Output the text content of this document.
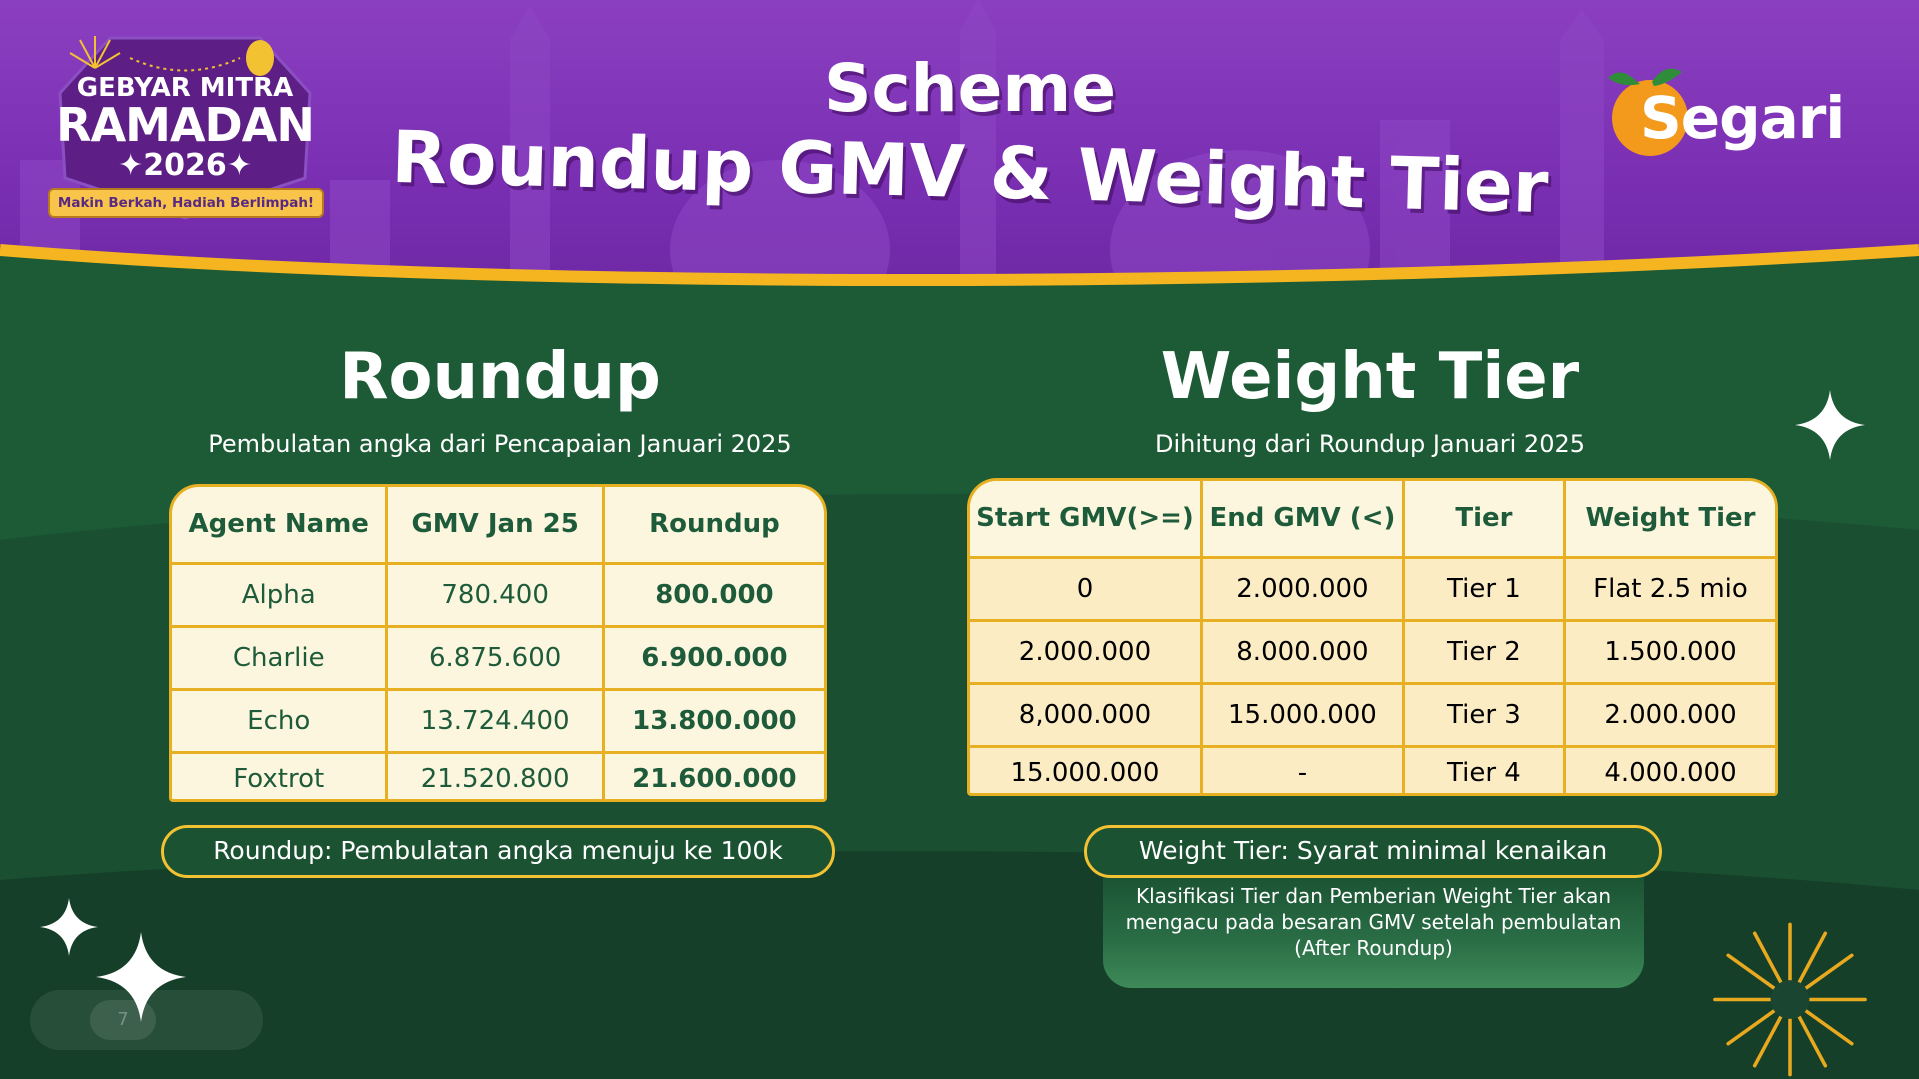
GEBYAR MITRA
RAMADAN
✦2026✦
Makin Berkah, Hadiah Berlimpah!
Scheme
Roundup GMV & Weight Tier	Segari
Roundup
Pembulatan angka dari Pencapaian Januari 2025
Agent Name	GMV Jan 25	Roundup
Alpha	780.400	800.000
Charlie	6.875.600	6.900.000
Echo	13.724.400	13.800.000
Foxtrot	21.520.800	21.600.000
Roundup: Pembulatan angka menuju ke 100k
Weight Tier
Dihitung dari Roundup Januari 2025
Start GMV(>=)	End GMV (<)	Tier	Weight Tier
0	2.000.000	Tier 1	Flat 2.5 mio
2.000.000	8.000.000	Tier 2	1.500.000
8,000.000	15.000.000	Tier 3	2.000.000
15.000.000	-	Tier 4	4.000.000
Klasifikasi Tier dan Pemberian Weight Tier akan mengacu pada besaran GMV setelah pembulatan (After Roundup)
Weight Tier: Syarat minimal kenaikan
7
